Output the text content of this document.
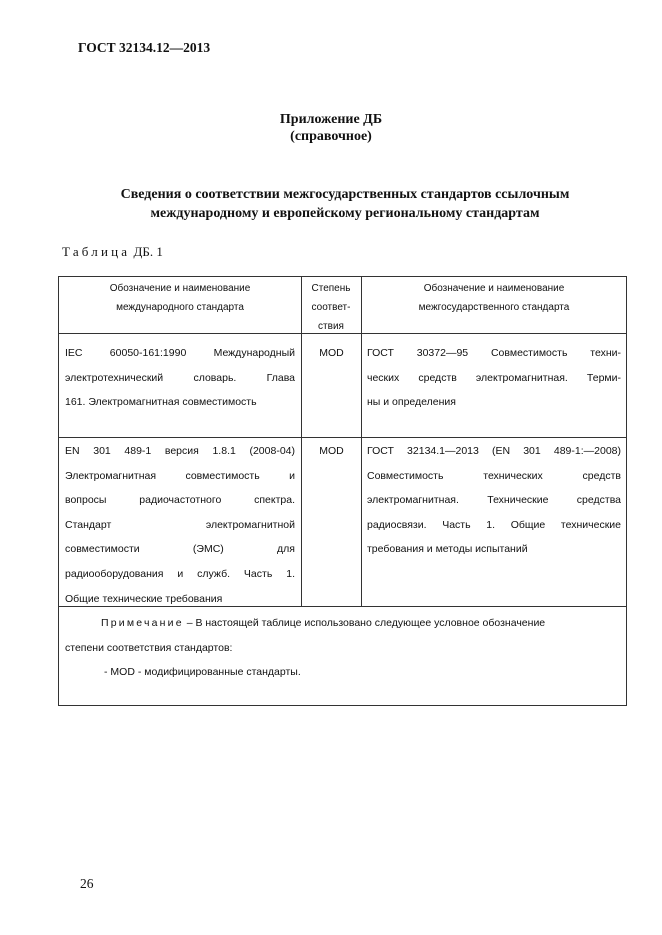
ГОСТ 32134.12—2013
Приложение ДБ
(справочное)
Сведения о соответствии межгосударственных стандартов ссылочным
международному и европейскому региональному стандартам
Таблица ДБ. 1
Обозначение и наименование
международного стандарта
Степень
соответ-
ствия
Обозначение и наименование
межгосударственного стандарта
IEC 60050-161:1990 Международный
электротехнический словарь. Глава
161. Электромагнитная совместимость
MOD	ГОСТ 30372—95 Совместимость техни-
ческих средств электромагнитная. Терми-
ны и определения
EN 301 489-1 версия 1.8.1 (2008-04)
Электромагнитная совместимость и
вопросы радиочастотного спектра.
Стандарт электромагнитной
совместимости (ЭМС) для
радиооборудования и служб. Часть 1.
Общие технические требования
MOD	ГОСТ 32134.1—2013 (EN 301 489-1:—2008)
Совместимость технических средств
электромагнитная. Технические средства
радиосвязи. Часть 1. Общие технические
требования и методы испытаний
Примечание – В настоящей таблице использовано следующее условное обозначение
степени соответствия стандартов:
- MOD - модифицированные стандарты.
26
